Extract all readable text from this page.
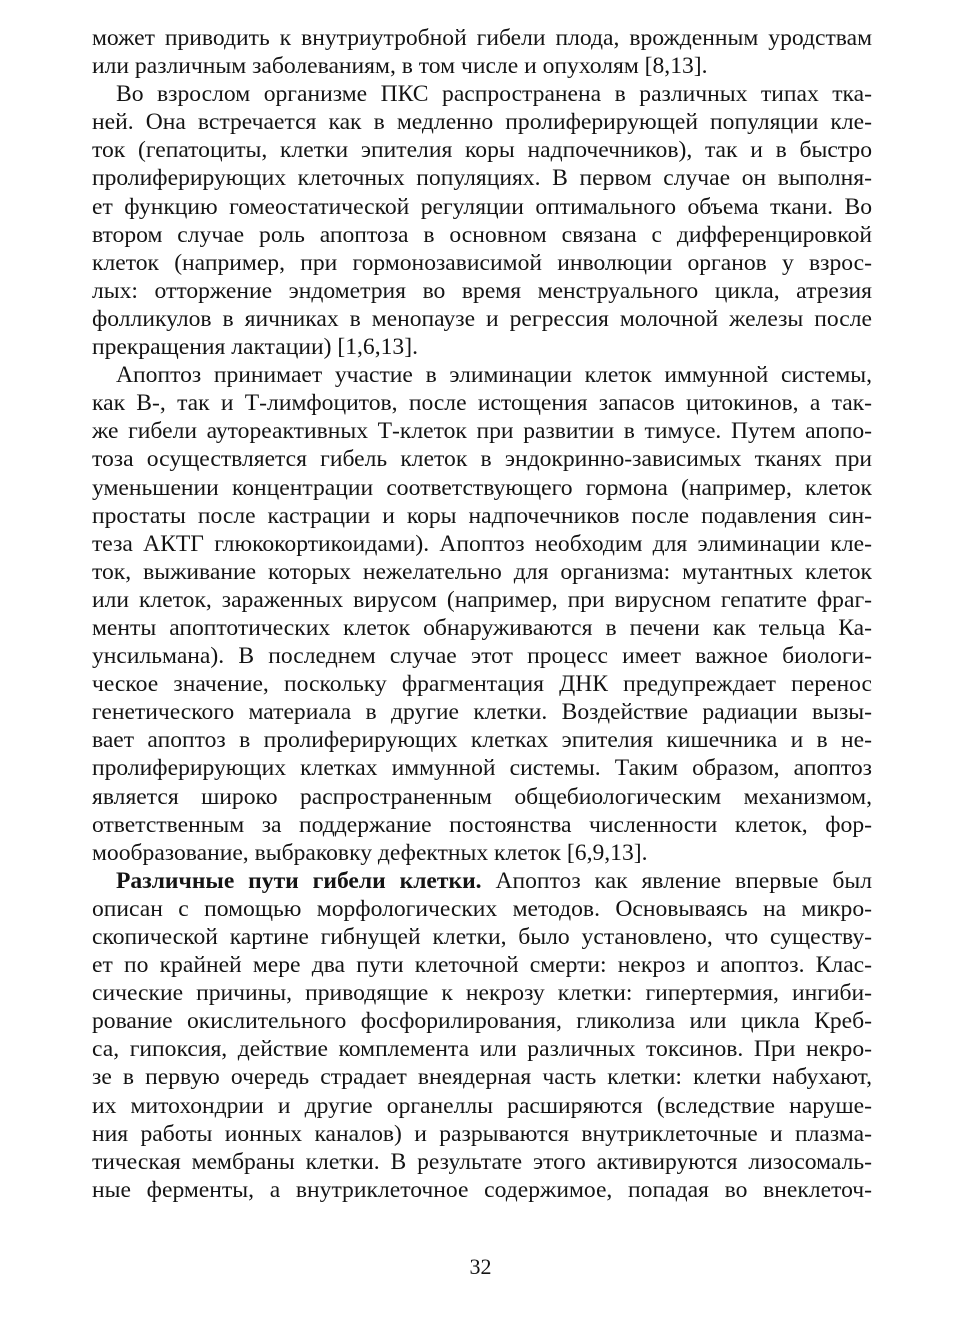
может приводить к внутриутробной гибели плода, врожденным уродствам
или различным заболеваниям, в том числе и опухолям [8,13].
Во взрослом организме ПКС распространена в различных типах тка-
ней. Она встречается как в медленно пролиферирующей популяции кле-
ток (гепатоциты, клетки эпителия коры надпочечников), так и в быстро
пролиферирующих клеточных популяциях. В первом случае он выполня-
ет функцию гомеостатической регуляции оптимального объема ткани. Во
втором случае роль апоптоза в основном связана с дифференцировкой
клеток (например, при гормонозависимой инволюции органов у взрос-
лых: отторжение эндометрия во время менструального цикла, атрезия
фолликулов в яичниках в менопаузе и регрессия молочной железы после
прекращения лактации) [1,6,13].
Апоптоз принимает участие в элиминации клеток иммунной системы,
как В-, так и Т-лимфоцитов, после истощения запасов цитокинов, а так-
же гибели аутореактивных Т-клеток при развитии в тимусе. Путем апопо-
тоза осуществляется гибель клеток в эндокринно-зависимых тканях при
уменьшении концентрации соответствующего гормона (например, клеток
простаты после кастрации и коры надпочечников после подавления син-
теза АКТГ глюкокортикоидами). Апоптоз необходим для элиминации кле-
ток, выживание которых нежелательно для организма: мутантных клеток
или клеток, зараженных вирусом (например, при вирусном гепатите фраг-
менты апоптотических клеток обнаруживаются в печени как тельца Ка-
унсильмана). В последнем случае этот процесс имеет важное биологи-
ческое значение, поскольку фрагментация ДНК предупреждает перенос
генетического материала в другие клетки. Воздействие радиации вызы-
вает апоптоз в пролиферирующих клетках эпителия кишечника и в не-
пролиферирующих клетках иммунной системы. Таким образом, апоптоз
является широко распространенным общебиологическим механизмом,
ответственным за поддержание постоянства численности клеток, фор-
мообразование, выбраковку дефектных клеток [6,9,13].
Различные пути гибели клетки. Апоптоз как явление впервые был
описан с помощью морфологических методов. Основываясь на микро-
скопической картине гибнущей клетки, было установлено, что существу-
ет по крайней мере два пути клеточной смерти: некроз и апоптоз. Клас-
сические причины, приводящие к некрозу клетки: гипертермия, ингиби-
рование окислительного фосфорилирования, гликолиза или цикла Креб-
са, гипоксия, действие комплемента или различных токсинов. При некро-
зе в первую очередь страдает внеядерная часть клетки: клетки набухают,
их митохондрии и другие органеллы расширяются (вследствие наруше-
ния работы ионных каналов) и разрываются внутриклеточные и плазма-
тическая мембраны клетки. В результате этого активируются лизосомаль-
ные ферменты, а внутриклеточное содержимое, попадая во внеклеточ-
32
